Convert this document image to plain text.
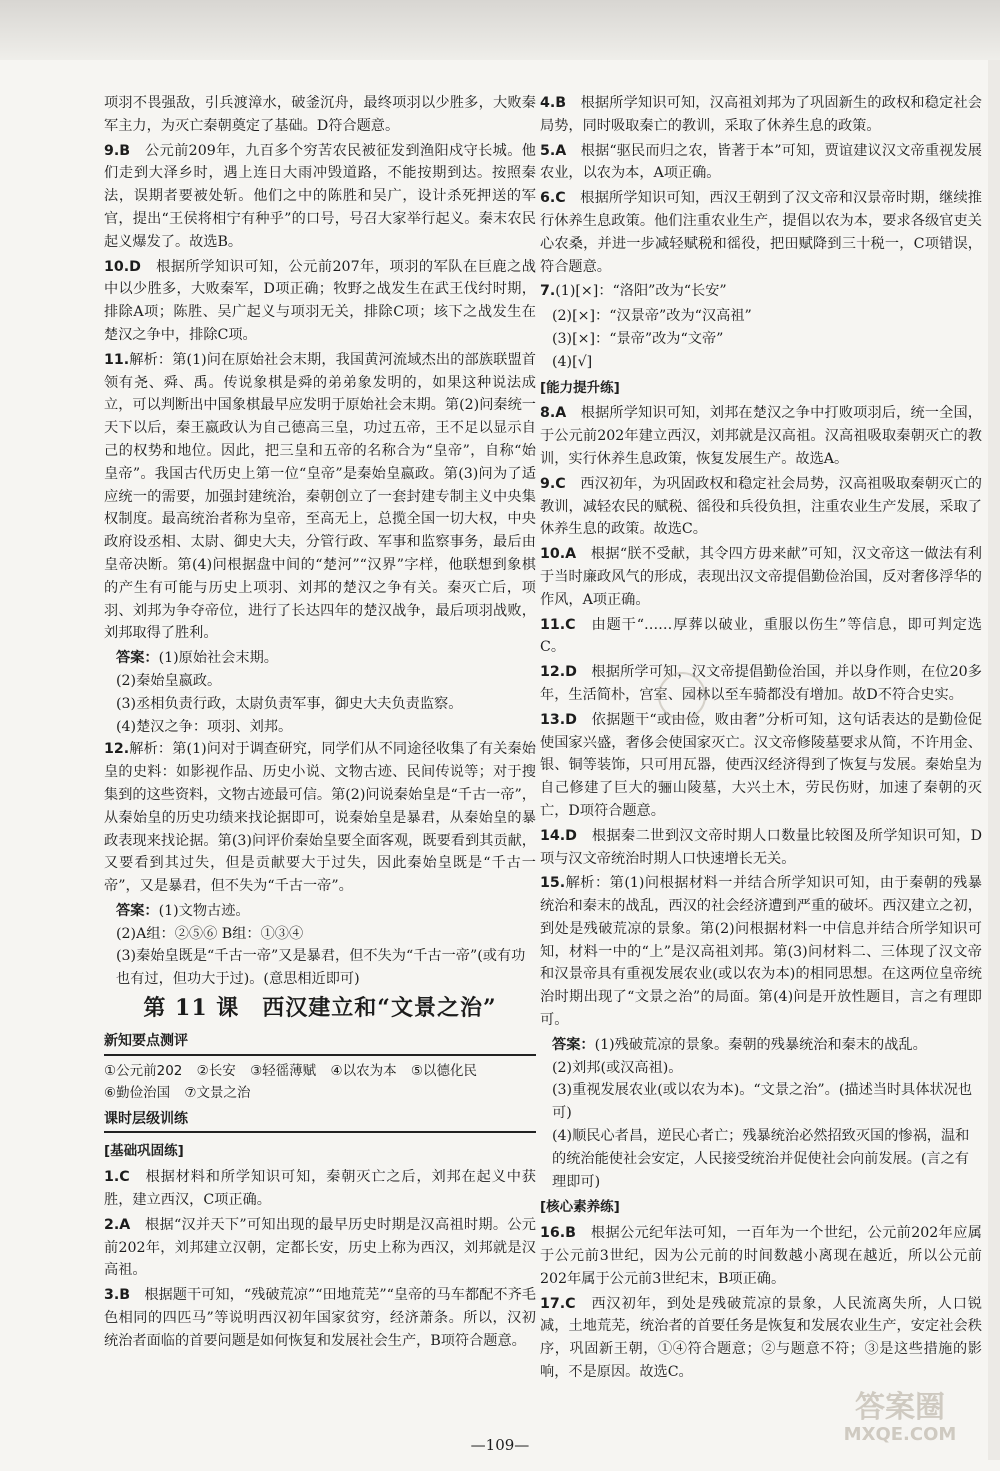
项羽不畏强敌，引兵渡漳水，破釜沉舟，最终项羽以少胜多，大败秦军主力，为灭亡秦朝奠定了基础。D符合题意。
9.B　 公元前209年，九百多个穷苦农民被征发到渔阳戍守长城。他们走到大泽乡时，遇上连日大雨冲毁道路，不能按期到达。按照秦法，误期者要被处斩。他们之中的陈胜和吴广，设计杀死押送的军官，提出“王侯将相宁有种乎”的口号，号召大家举行起义。秦末农民起义爆发了。故选B。
10.D　 根据所学知识可知，公元前207年，项羽的军队在巨鹿之战中以少胜多，大败秦军，D项正确；牧野之战发生在武王伐纣时期，排除A项；陈胜、吴广起义与项羽无关，排除C项；垓下之战发生在楚汉之争中，排除C项。
11.解析：第(1)问在原始社会末期，我国黄河流域杰出的部族联盟首领有尧、舜、禹。传说象棋是舜的弟弟象发明的，如果这种说法成立，可以判断出中国象棋最早应发明于原始社会末期。第(2)问秦统一天下以后，秦王嬴政认为自己德高三皇，功过五帝，王不足以显示自己的权势和地位。因此，把三皇和五帝的名称合为“皇帝”，自称“始皇帝”。我国古代历史上第一位“皇帝”是秦始皇嬴政。第(3)问为了适应统一的需要，加强封建统治，秦朝创立了一套封建专制主义中央集权制度。最高统治者称为皇帝，至高无上，总揽全国一切大权，中央政府设丞相、太尉、御史大夫，分管行政、军事和监察事务，最后由皇帝决断。第(4)问根据盘中间的“楚河”“汉界”字样，他联想到象棋的产生有可能与历史上项羽、刘邦的楚汉之争有关。秦灭亡后，项羽、刘邦为争夺帝位，进行了长达四年的楚汉战争，最后项羽战败，刘邦取得了胜利。
答案：(1)原始社会末期。
(2)秦始皇嬴政。
(3)丞相负责行政，太尉负责军事，御史大夫负责监察。
(4)楚汉之争：项羽、刘邦。
12.解析：第(1)问对于调查研究，同学们从不同途径收集了有关秦始皇的史料：如影视作品、历史小说、文物古迹、民间传说等；对于搜集到的这些资料，文物古迹最可信。第(2)问说秦始皇是“千古一帝”，从秦始皇的历史功绩来找论据即可，说秦始皇是暴君，从秦始皇的暴政表现来找论据。第(3)问评价秦始皇要全面客观，既要看到其贡献，又要看到其过失，但是贡献要大于过失，因此秦始皇既是“千古一帝”，又是暴君，但不失为“千古一帝”。
答案：(1)文物古迹。
(2)A组：②⑤⑥ B组：①③④
(3)秦始皇既是“千古一帝”又是暴君，但不失为“千古一帝”(或有功也有过，但功大于过)。(意思相近即可)
第 11 课　西汉建立和“文景之治”
新知要点测评
①公元前202 ②长安 ③轻徭薄赋 ④以农为本 ⑤以德化民
⑥勤俭治国 ⑦文景之治
课时层级训练
[基础巩固练]
1.C　 根据材料和所学知识可知，秦朝灭亡之后，刘邦在起义中获胜，建立西汉，C项正确。
2.A　 根据“汉并天下”可知出现的最早历史时期是汉高祖时期。公元前202年，刘邦建立汉朝，定都长安，历史上称为西汉，刘邦就是汉高祖。
3.B　 根据题干可知，“残破荒凉”“田地荒芜”“皇帝的马车都配不齐毛色相同的四匹马”等说明西汉初年国家贫穷，经济萧条。所以，汉初统治者面临的首要问题是如何恢复和发展社会生产，B项符合题意。
4.B　 根据所学知识可知，汉高祖刘邦为了巩固新生的政权和稳定社会局势，同时吸取秦亡的教训，采取了休养生息的政策。
5.A　 根据“驱民而归之农，皆著于本”可知，贾谊建议汉文帝重视发展农业，以农为本，A项正确。
6.C　 根据所学知识可知，西汉王朝到了汉文帝和汉景帝时期，继续推行休养生息政策。他们注重农业生产，提倡以农为本，要求各级官吏关心农桑，并进一步减轻赋税和徭役，把田赋降到三十税一，C项错误，符合题意。
7.(1)[×]：“洛阳”改为“长安”
(2)[×]：“汉景帝”改为“汉高祖”
(3)[×]：“景帝”改为“文帝”
(4)[√]
[能力提升练]
8.A　 根据所学知识可知，刘邦在楚汉之争中打败项羽后，统一全国，于公元前202年建立西汉，刘邦就是汉高祖。汉高祖吸取秦朝灭亡的教训，实行休养生息政策，恢复发展生产。故选A。
9.C　 西汉初年，为巩固政权和稳定社会局势，汉高祖吸取秦朝灭亡的教训，减轻农民的赋税、徭役和兵役负担，注重农业生产发展，采取了休养生息的政策。故选C。
10.A　 根据“朕不受献，其令四方毋来献”可知，汉文帝这一做法有利于当时廉政风气的形成，表现出汉文帝提倡勤俭治国，反对奢侈浮华的作风，A项正确。
11.C　 由题干“……厚葬以破业，重服以伤生”等信息，即可判定选C。
12.D　 根据所学可知，汉文帝提倡勤俭治国，并以身作则，在位20多年，生活简朴，宫室、园林以至车骑都没有增加。故D不符合史实。
13.D　 依据题干“或由俭，败由奢”分析可知，这句话表达的是勤俭促使国家兴盛，奢侈会使国家灭亡。汉文帝修陵墓要求从简，不许用金、银、铜等装饰，只可用瓦器，使西汉经济得到了恢复与发展。秦始皇为自己修建了巨大的骊山陵墓，大兴土木，劳民伤财，加速了秦朝的灭亡，D项符合题意。
14.D　 根据秦二世到汉文帝时期人口数量比较图及所学知识可知，D项与汉文帝统治时期人口快速增长无关。
15.解析：第(1)问根据材料一并结合所学知识可知，由于秦朝的残暴统治和秦末的战乱，西汉的社会经济遭到严重的破坏。西汉建立之初，到处是残破荒凉的景象。第(2)问根据材料一中信息并结合所学知识可知，材料一中的“上”是汉高祖刘邦。第(3)问材料二、三体现了汉文帝和汉景帝具有重视发展农业(或以农为本)的相同思想。在这两位皇帝统治时期出现了“文景之治”的局面。第(4)问是开放性题目，言之有理即可。
答案：(1)残破荒凉的景象。秦朝的残暴统治和秦末的战乱。
(2)刘邦(或汉高祖)。
(3)重视发展农业(或以农为本)。“文景之治”。(描述当时具体状况也可)
(4)顺民心者昌，逆民心者亡；残暴统治必然招致灭国的惨祸，温和的统治能使社会安定，人民接受统治并促使社会向前发展。(言之有理即可)
[核心素养练]
16.B　 根据公元纪年法可知，一百年为一个世纪，公元前202年应属于公元前3世纪，因为公元前的时间数越小离现在越近，所以公元前202年属于公元前3世纪末，B项正确。
17.C　 西汉初年，到处是残破荒凉的景象，人民流离失所，人口锐减，土地荒芜，统治者的首要任务是恢复和发展农业生产，安定社会秩序，巩固新王朝，①④符合题意；②与题意不符；③是这些措施的影响，不是原因。故选C。
—109—
答案圈
MXQE.COM
